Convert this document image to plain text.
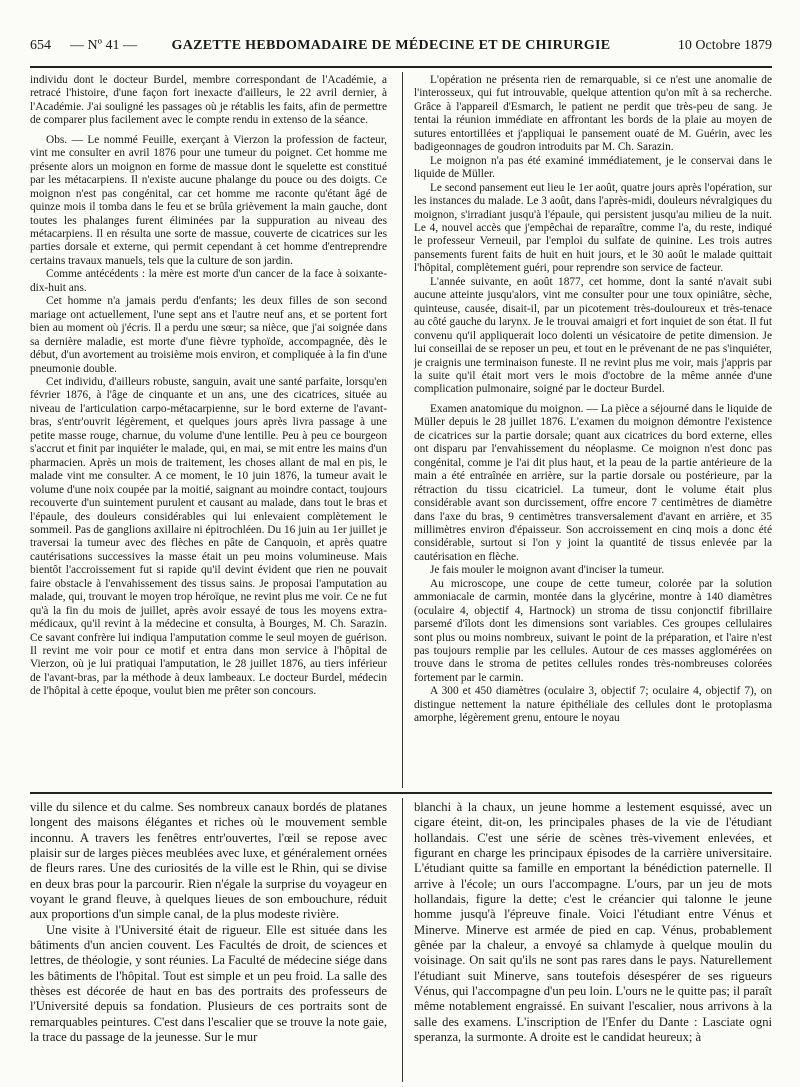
654	— Nº 41 —	GAZETTE HEBDOMADAIRE DE MÉDECINE ET DE CHIRURGIE	10 Octobre 1879

individu dont le docteur Burdel, membre correspondant de l'Académie, a retracé l'histoire, d'une façon fort inexacte d'ailleurs, le 22 avril dernier, à l'Académie. J'ai souligné les passages où je rétablis les faits, afin de permettre de comparer plus facilement avec le compte rendu in extenso de la séance.

Obs. — Le nommé Feuille, exerçant à Vierzon la profession de facteur, vint me consulter en avril 1876 pour une tumeur du poignet. Cet homme me présente alors un moignon en forme de massue dont le squelette est constitué par les métacarpiens. Il n'existe aucune phalange du pouce ou des doigts. Ce moignon n'est pas congénital, car cet homme me raconte qu'étant âgé de quinze mois il tomba dans le feu et se brûla grièvement la main gauche, dont toutes les phalanges furent éliminées par la suppuration au niveau des métacarpiens. Il en résulta une sorte de massue, couverte de cicatrices sur les parties dorsale et externe, qui permit cependant à cet homme d'entreprendre certains travaux manuels, tels que la culture de son jardin.

Comme antécédents : la mère est morte d'un cancer de la face à soixante-dix-huit ans.

Cet homme n'a jamais perdu d'enfants; les deux filles de son second mariage ont actuellement, l'une sept ans et l'autre neuf ans, et se portent fort bien au moment où j'écris. Il a perdu une sœur; sa nièce, que j'ai soignée dans sa dernière maladie, est morte d'une fièvre typhoïde, accompagnée, dès le début, d'un avortement au troisième mois environ, et compliquée à la fin d'une pneumonie double.

Cet individu, d'ailleurs robuste, sanguin, avait une santé parfaite, lorsqu'en février 1876, à l'âge de cinquante et un ans, une des cicatrices, située au niveau de l'articulation carpo-métacarpienne, sur le bord externe de l'avant-bras, s'entr'ouvrit légèrement, et quelques jours après livra passage à une petite masse rouge, charnue, du volume d'une lentille. Peu à peu ce bourgeon s'accrut et finit par inquiéter le malade, qui, en mai, se mit entre les mains d'un pharmacien. Après un mois de traitement, les choses allant de mal en pis, le malade vint me consulter. A ce moment, le 10 juin 1876, la tumeur avait le volume d'une noix coupée par la moitié, saignant au moindre contact, toujours recouverte d'un suintement purulent et causant au malade, dans tout le bras et l'épaule, des douleurs considérables qui lui enlevaient complètement le sommeil. Pas de ganglions axillaire ni épitrochléen. Du 16 juin au 1er juillet je traversai la tumeur avec des flèches en pâte de Canquoin, et après quatre cautérisations successives la masse était un peu moins volumineuse. Mais bientôt l'accroissement fut si rapide qu'il devint évident que rien ne pouvait faire obstacle à l'envahissement des tissus sains. Je proposai l'amputation au malade, qui, trouvant le moyen trop héroïque, ne revint plus me voir. Ce ne fut qu'à la fin du mois de juillet, après avoir essayé de tous les moyens extra-médicaux, qu'il revint à la médecine et consulta, à Bourges, M. Ch. Sarazin. Ce savant confrère lui indiqua l'amputation comme le seul moyen de guérison. Il revint me voir pour ce motif et entra dans mon service à l'hôpital de Vierzon, où je lui pratiquai l'amputation, le 28 juillet 1876, au tiers inférieur de l'avant-bras, par la méthode à deux lambeaux. Le docteur Burdel, médecin de l'hôpital à cette époque, voulut bien me prêter son concours.

L'opération ne présenta rien de remarquable, si ce n'est une anomalie de l'interosseux, qui fut introuvable, quelque attention qu'on mît à sa recherche. Grâce à l'appareil d'Esmarch, le patient ne perdit que très-peu de sang. Je tentai la réunion immédiate en affrontant les bords de la plaie au moyen de sutures entortillées et j'appliquai le pansement ouaté de M. Guérin, avec les badigeonnages de goudron introduits par M. Ch. Sarazin.

Le moignon n'a pas été examiné immédiatement, je le conservai dans le liquide de Müller.

Le second pansement eut lieu le 1er août, quatre jours après l'opération, sur les instances du malade. Le 3 août, dans l'après-midi, douleurs névralgiques du moignon, s'irradiant jusqu'à l'épaule, qui persistent jusqu'au milieu de la nuit. Le 4, nouvel accès que j'empêchai de reparaître, comme l'a, du reste, indiqué le professeur Verneuil, par l'emploi du sulfate de quinine. Les trois autres pansements furent faits de huit en huit jours, et le 30 août le malade quittait l'hôpital, complètement guéri, pour reprendre son service de facteur.

L'année suivante, en août 1877, cet homme, dont la santé n'avait subi aucune atteinte jusqu'alors, vint me consulter pour une toux opiniâtre, sèche, quinteuse, causée, disait-il, par un picotement très-douloureux et très-tenace au côté gauche du larynx. Je le trouvai amaigri et fort inquiet de son état. Il fut convenu qu'il appliquerait loco dolenti un vésicatoire de petite dimension. Je lui conseillai de se reposer un peu, et tout en le prévenant de ne pas s'inquiéter, je craignis une terminaison funeste. Il ne revint plus me voir, mais j'appris par la suite qu'il était mort vers le mois d'octobre de la même année d'une complication pulmonaire, soigné par le docteur Burdel.

Examen anatomique du moignon. — La pièce a séjourné dans le liquide de Müller depuis le 28 juillet 1876. L'examen du moignon démontre l'existence de cicatrices sur la partie dorsale; quant aux cicatrices du bord externe, elles ont disparu par l'envahissement du néoplasme. Ce moignon n'est donc pas congénital, comme je l'ai dit plus haut, et la peau de la partie antérieure de la main a été entraînée en arrière, sur la partie dorsale ou postérieure, par la rétraction du tissu cicatriciel. La tumeur, dont le volume était plus considérable avant son durcissement, offre encore 7 centimètres de diamètre dans l'axe du bras, 9 centimètres transversalement d'avant en arrière, et 35 millimètres environ d'épaisseur. Son accroissement en cinq mois a donc été considérable, surtout si l'on y joint la quantité de tissus enlevée par la cautérisation en flèche.

Je fais mouler le moignon avant d'inciser la tumeur.

Au microscope, une coupe de cette tumeur, colorée par la solution ammoniacale de carmin, montée dans la glycérine, montre à 140 diamètres (oculaire 4, objectif 4, Hartnock) un stroma de tissu conjonctif fibrillaire parsemé d'îlots dont les dimensions sont variables. Ces groupes cellulaires sont plus ou moins nombreux, suivant le point de la préparation, et l'aire n'est pas toujours remplie par les cellules. Autour de ces masses agglomérées on trouve dans le stroma de petites cellules rondes très-nombreuses colorées fortement par le carmin.

A 300 et 450 diamètres (oculaire 3, objectif 7; oculaire 4, objectif 7), on distingue nettement la nature épithéliale des cellules dont le protoplasma amorphe, légèrement grenu, entoure le noyau

ville du silence et du calme. Ses nombreux canaux bordés de platanes longent des maisons élégantes et riches où le mouvement semble inconnu. A travers les fenêtres entr'ouvertes, l'œil se repose avec plaisir sur de larges pièces meublées avec luxe, et généralement ornées de fleurs rares. Une des curiosités de la ville est le Rhin, qui se divise en deux bras pour la parcourir. Rien n'égale la surprise du voyageur en voyant le grand fleuve, à quelques lieues de son embouchure, réduit aux proportions d'un simple canal, de la plus modeste rivière.

Une visite à l'Université était de rigueur. Elle est située dans les bâtiments d'un ancien couvent. Les Facultés de droit, de sciences et lettres, de théologie, y sont réunies. La Faculté de médecine siége dans les bâtiments de l'hôpital. Tout est simple et un peu froid. La salle des thèses est décorée de haut en bas des portraits des professeurs de l'Université depuis sa fondation. Plusieurs de ces portraits sont de remarquables peintures. C'est dans l'escalier que se trouve la note gaie, la trace du passage de la jeunesse. Sur le mur

blanchi à la chaux, un jeune homme a lestement esquissé, avec un cigare éteint, dit-on, les principales phases de la vie de l'étudiant hollandais. C'est une série de scènes très-vivement enlevées, et figurant en charge les principaux épisodes de la carrière universitaire. L'étudiant quitte sa famille en emportant la bénédiction paternelle. Il arrive à l'école; un ours l'accompagne. L'ours, par un jeu de mots hollandais, figure la dette; c'est le créancier qui talonne le jeune homme jusqu'à l'épreuve finale. Voici l'étudiant entre Vénus et Minerve. Minerve est armée de pied en cap. Vénus, probablement gênée par la chaleur, a envoyé sa chlamyde à quelque moulin du voisinage. On sait qu'ils ne sont pas rares dans le pays. Naturellement l'étudiant suit Minerve, sans toutefois désespérer de ses rigueurs Vénus, qui l'accompagne d'un peu loin. L'ours ne le quitte pas; il paraît même notablement engraissé. En suivant l'escalier, nous arrivons à la salle des examens. L'inscription de l'Enfer du Dante : Lasciate ogni speranza, la surmonte. A droite est le candidat heureux; à
